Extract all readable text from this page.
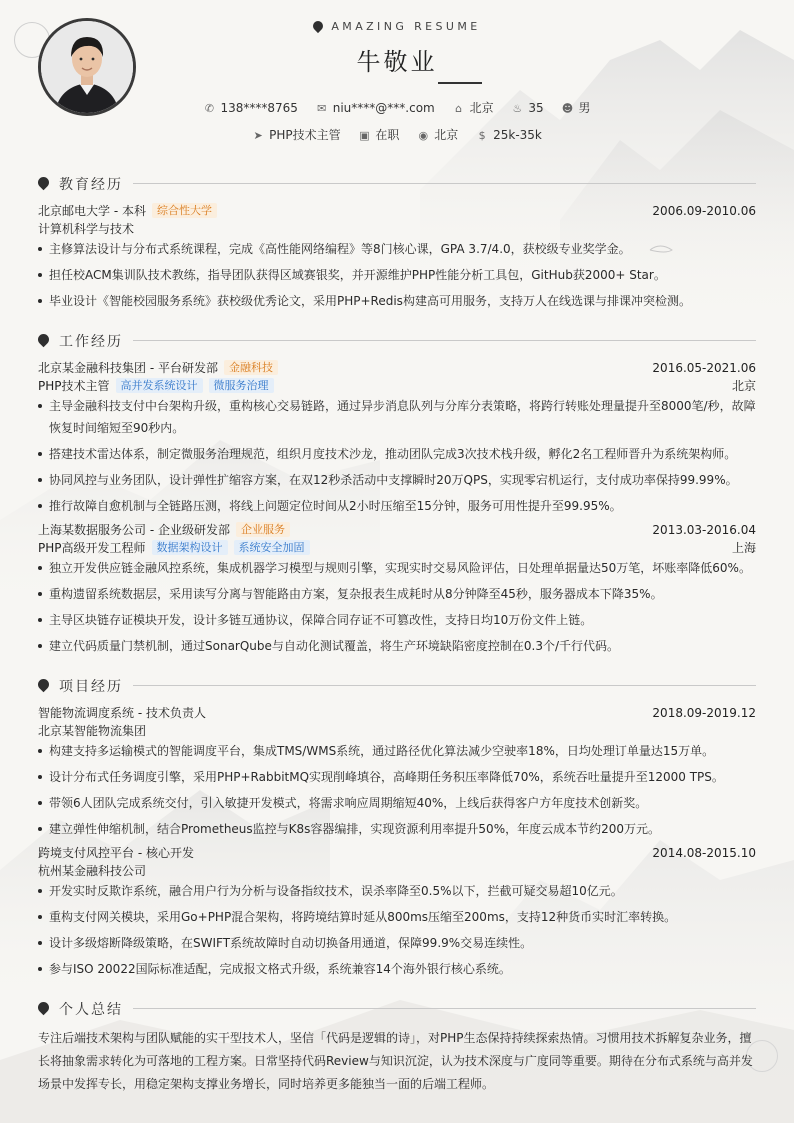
AMAZING RESUME
牛敬业
✆ 138****8765 ✉ niu****@***.com ⌂ 北京 ♨ 35 ☻ 男
➤ PHP技术主管 ▣ 在职 ◉ 北京 $ 25k-35k
教育经历
北京邮电大学 - 本科 综合性大学	2006.09-2010.06
计算机科学与技术
主修算法设计与分布式系统课程，完成《高性能网络编程》等8门核心课，GPA 3.7/4.0，获校级专业奖学金。
担任校ACM集训队技术教练，指导团队获得区域赛银奖，并开源维护PHP性能分析工具包，GitHub获2000+ Star。
毕业设计《智能校园服务系统》获校级优秀论文，采用PHP+Redis构建高可用服务，支持万人在线选课与排课冲突检测。
工作经历
北京某金融科技集团 - 平台研发部 金融科技	2016.05-2021.06
PHP技术主管 高并发系统设计 微服务治理	北京
主导金融科技支付中台架构升级，重构核心交易链路，通过异步消息队列与分库分表策略，将跨行转账处理量提升至8000笔/秒，故障恢复时间缩短至90秒内。
搭建技术雷达体系，制定微服务治理规范，组织月度技术沙龙，推动团队完成3次技术栈升级，孵化2名工程师晋升为系统架构师。
协同风控与业务团队，设计弹性扩缩容方案，在双12秒杀活动中支撑瞬时20万QPS，实现零宕机运行，支付成功率保持99.99%。
推行故障自愈机制与全链路压测，将线上问题定位时间从2小时压缩至15分钟，服务可用性提升至99.95%。
上海某数据服务公司 - 企业级研发部 企业服务	2013.03-2016.04
PHP高级开发工程师 数据架构设计 系统安全加固	上海
独立开发供应链金融风控系统，集成机器学习模型与规则引擎，实现实时交易风险评估，日处理单据量达50万笔，坏账率降低60%。
重构遗留系统数据层，采用读写分离与智能路由方案，复杂报表生成耗时从8分钟降至45秒，服务器成本下降35%。
主导区块链存证模块开发，设计多链互通协议，保障合同存证不可篡改性，支持日均10万份文件上链。
建立代码质量门禁机制，通过SonarQube与自动化测试覆盖，将生产环境缺陷密度控制在0.3个/千行代码。
项目经历
智能物流调度系统 - 技术负责人	2018.09-2019.12
北京某智能物流集团
构建支持多运输模式的智能调度平台，集成TMS/WMS系统，通过路径优化算法减少空驶率18%，日均处理订单量达15万单。
设计分布式任务调度引擎，采用PHP+RabbitMQ实现削峰填谷，高峰期任务积压率降低70%，系统吞吐量提升至12000 TPS。
带领6人团队完成系统交付，引入敏捷开发模式，将需求响应周期缩短40%，上线后获得客户方年度技术创新奖。
建立弹性伸缩机制，结合Prometheus监控与K8s容器编排，实现资源利用率提升50%，年度云成本节约200万元。
跨境支付风控平台 - 核心开发	2014.08-2015.10
杭州某金融科技公司
开发实时反欺诈系统，融合用户行为分析与设备指纹技术，误杀率降至0.5%以下，拦截可疑交易超10亿元。
重构支付网关模块，采用Go+PHP混合架构，将跨境结算时延从800ms压缩至200ms，支持12种货币实时汇率转换。
设计多级熔断降级策略，在SWIFT系统故障时自动切换备用通道，保障99.9%交易连续性。
参与ISO 20022国际标准适配，完成报文格式升级，系统兼容14个海外银行核心系统。
个人总结
专注后端技术架构与团队赋能的实干型技术人，坚信「代码是逻辑的诗」，对PHP生态保持持续探索热情。习惯用技术拆解复杂业务，擅长将抽象需求转化为可落地的工程方案。日常坚持代码Review与知识沉淀，认为技术深度与广度同等重要。期待在分布式系统与高并发场景中发挥专长，用稳定架构支撑业务增长，同时培养更多能独当一面的后端工程师。
